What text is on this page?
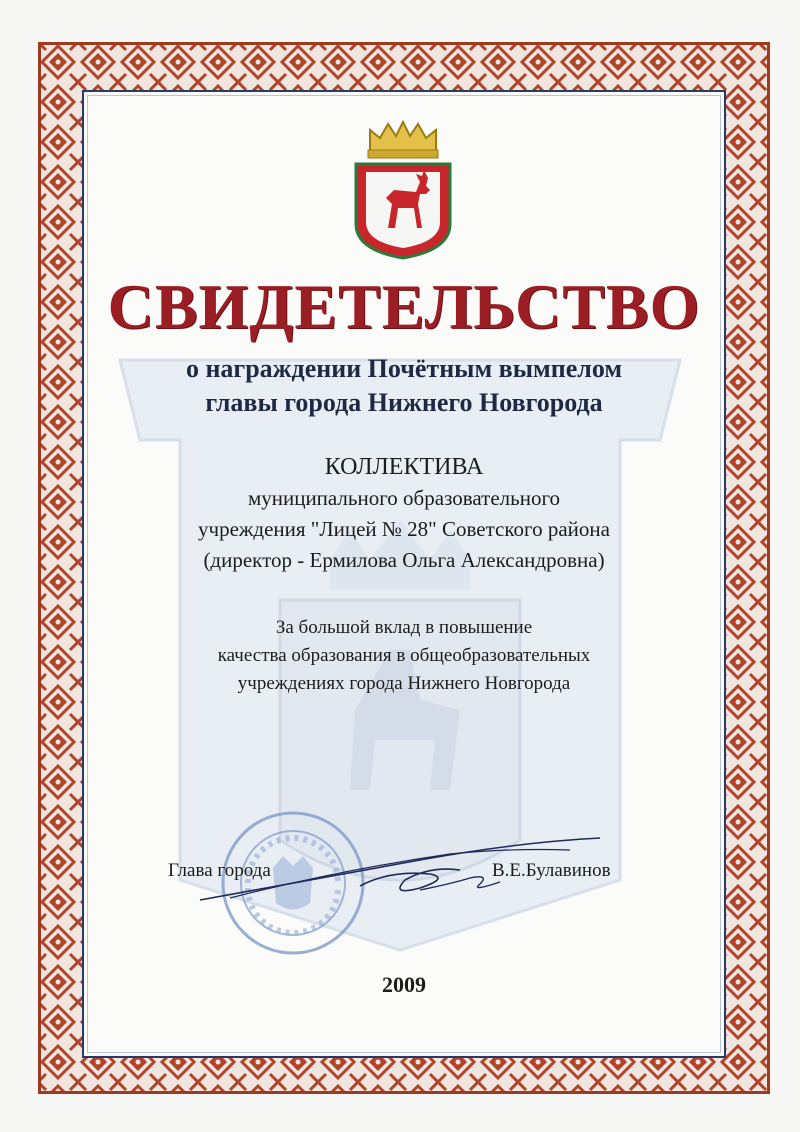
СВИДЕТЕЛЬСТВО
о награждении Почётным вымпелом
главы города Нижнего Новгорода
КОЛЛЕКТИВА
муниципального образовательного
учреждения "Лицей № 28" Советского района
(директор - Ермилова Ольга Александровна)
За большой вклад в повышение
качества образования в общеобразовательных
учреждениях города Нижнего Новгорода
Глава города	В.Е.Булавинов
2009
